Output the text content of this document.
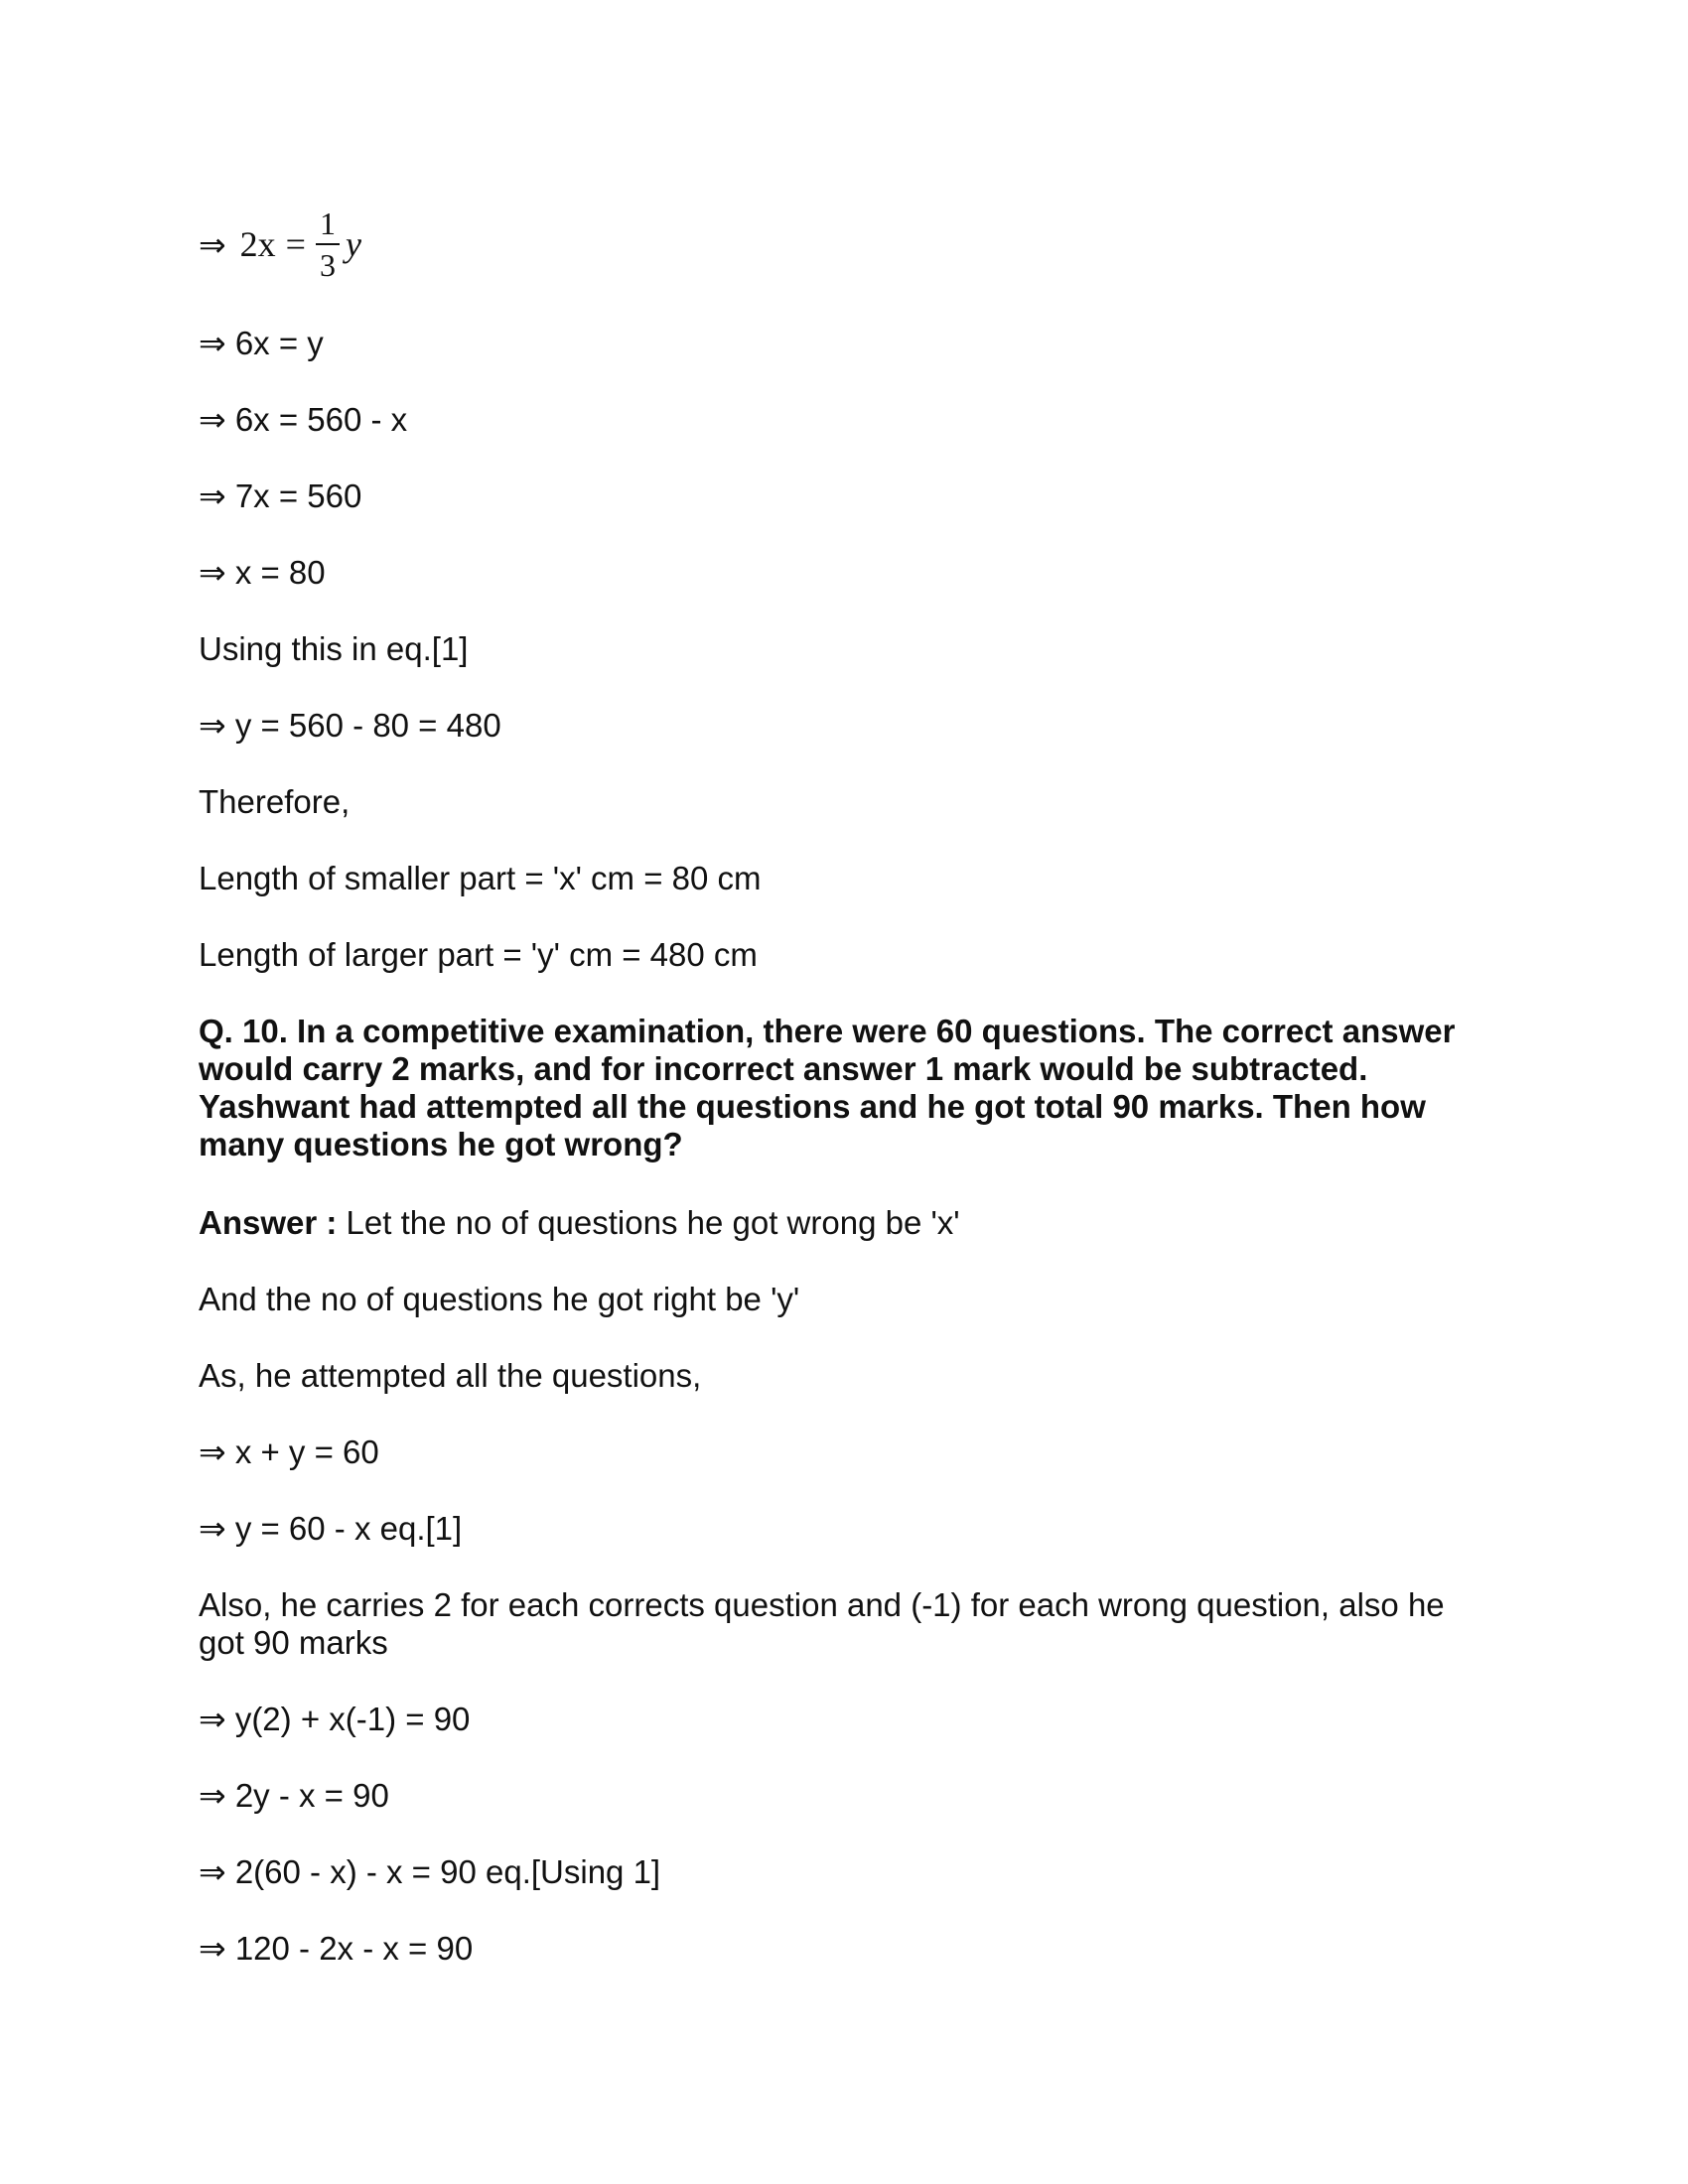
⇒ $2x = \frac{1}{3}$ y
⇒ 6x = y
⇒ 6x = 560 - x
⇒ 7x = 560
⇒ x = 80
Using this in eq.[1]
⇒ y = 560 - 80 = 480
Therefore,
Length of smaller part = 'x' cm = 80 cm
Length of larger part = 'y' cm = 480 cm
Q. 10. In a competitive examination, there were 60 questions. The correct answer would carry 2 marks, and for incorrect answer 1 mark would be subtracted. Yashwant had attempted all the questions and he got total 90 marks. Then how many questions he got wrong?
Answer : Let the no of questions he got wrong be 'x'
And the no of questions he got right be 'y'
As, he attempted all the questions,
⇒ x + y = 60
⇒ y = 60 - x eq.[1]
Also, he carries 2 for each corrects question and (-1) for each wrong question, also he got 90 marks
⇒ y(2) + x(-1) = 90
⇒ 2y - x = 90
⇒ 2(60 - x) - x = 90 eq.[Using 1]
⇒ 120 - 2x - x = 90
